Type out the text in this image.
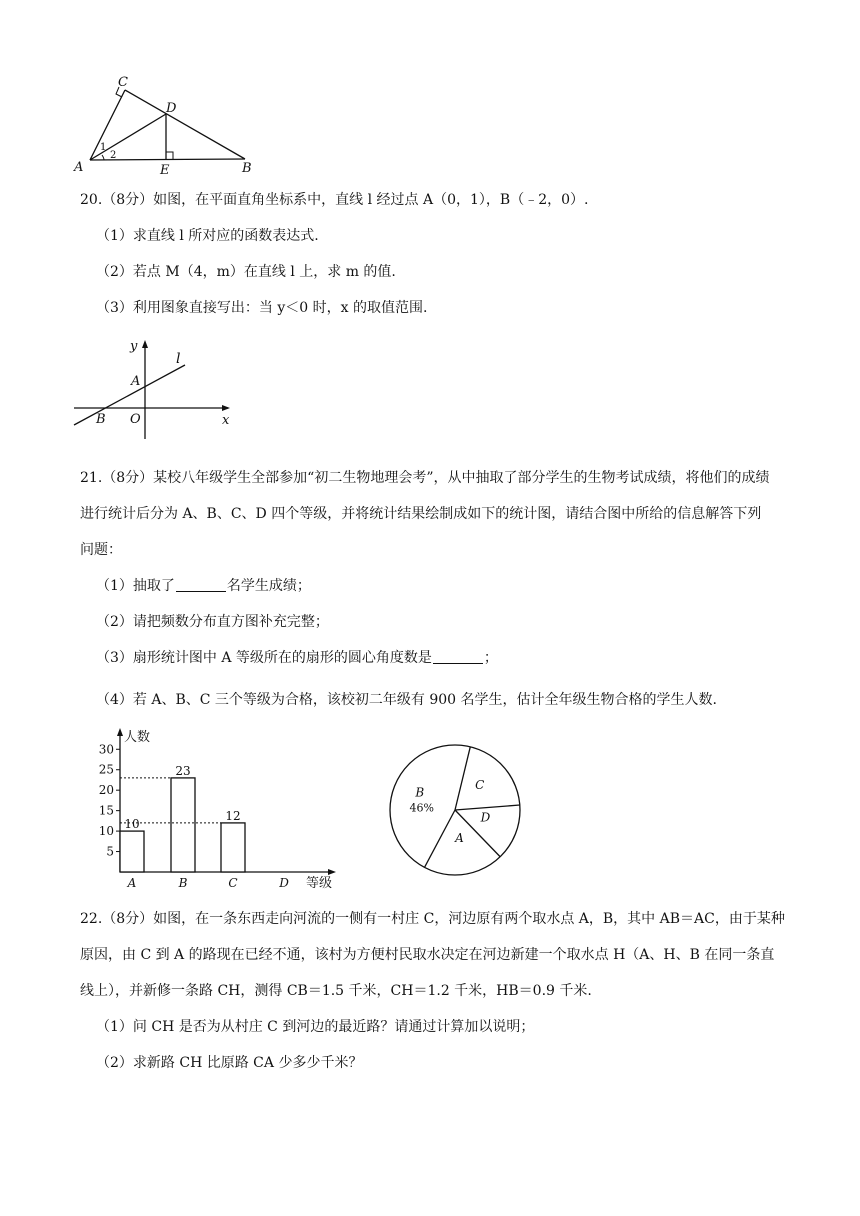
C
D
A	E	B
1
2
20.（8分）如图，在平面直角坐标系中，直线 l 经过点 A（0，1），B（﹣2，0）.
（1）求直线 l 所对应的函数表达式.
（2）若点 M（4，m）在直线 l 上，求 m 的值.
（3）利用图象直接写出：当 y＜0 时，x 的取值范围.
y
x
l
A
B O
21.（8分）某校八年级学生全部参加“初二生物地理会考”，从中抽取了部分学生的生物考试成绩，将他们的成绩
进行统计后分为 A、B、C、D 四个等级，并将统计结果绘制成如下的统计图，请结合图中所给的信息解答下列
问题：
（1）抽取了	名学生成绩；
（2）请把频数分布直方图补充完整；
（3）扇形统计图中 A 等级所在的扇形的圆心角度数是	；
（4）若 A、B、C 三个等级为合格，该校初二年级有 900 名学生，估计全年级生物合格的学生人数.
人数
等级
5
10
15
20
25
30
A
10
B
23
C
12
D
B
46%
C
D
A
22.（8分）如图，在一条东西走向河流的一侧有一村庄 C，河边原有两个取水点 A，B，其中 AB＝AC，由于某种
原因，由 C 到 A 的路现在已经不通，该村为方便村民取水决定在河边新建一个取水点 H（A、H、B 在同一条直
线上），并新修一条路 CH，测得 CB＝1.5 千米，CH＝1.2 千米，HB＝0.9 千米.
（1）问 CH 是否为从村庄 C 到河边的最近路？请通过计算加以说明；
（2）求新路 CH 比原路 CA 少多少千米？
